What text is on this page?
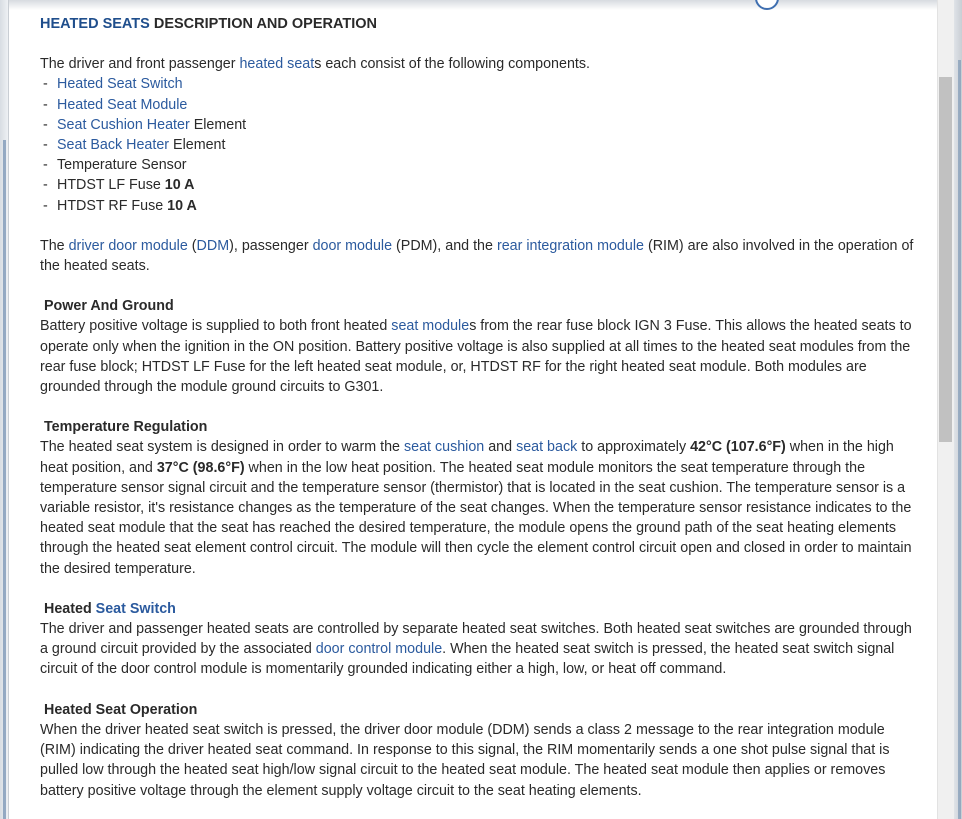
HEATED SEATS DESCRIPTION AND OPERATION

The driver and front passenger heated seats each consist of the following components.

- Heated Seat Switch
- Heated Seat Module
- Seat Cushion Heater Element
- Seat Back Heater Element
- Temperature Sensor
- HTDST LF Fuse 10 A
- HTDST RF Fuse 10 A

The driver door module (DDM), passenger door module (PDM), and the rear integration module (RIM) are also involved in the operation of the heated seats.

Power And Ground

Battery positive voltage is supplied to both front heated seat modules from the rear fuse block IGN 3 Fuse. This allows the heated seats to operate only when the ignition in the ON position. Battery positive voltage is also supplied at all times to the heated seat modules from the rear fuse block; HTDST LF Fuse for the left heated seat module, or, HTDST RF for the right heated seat module. Both modules are grounded through the module ground circuits to G301.

Temperature Regulation

The heated seat system is designed in order to warm the seat cushion and seat back to approximately 42°C (107.6°F) when in the high heat position, and 37°C (98.6°F) when in the low heat position. The heated seat module monitors the seat temperature through the temperature sensor signal circuit and the temperature sensor (thermistor) that is located in the seat cushion. The temperature sensor is a variable resistor, it's resistance changes as the temperature of the seat changes. When the temperature sensor resistance indicates to the heated seat module that the seat has reached the desired temperature, the module opens the ground path of the seat heating elements through the heated seat element control circuit. The module will then cycle the element control circuit open and closed in order to maintain the desired temperature.

Heated Seat Switch

The driver and passenger heated seats are controlled by separate heated seat switches. Both heated seat switches are grounded through a ground circuit provided by the associated door control module. When the heated seat switch is pressed, the heated seat switch signal circuit of the door control module is momentarily grounded indicating either a high, low, or heat off command.

Heated Seat Operation

When the driver heated seat switch is pressed, the driver door module (DDM) sends a class 2 message to the rear integration module (RIM) indicating the driver heated seat command. In response to this signal, the RIM momentarily sends a one shot pulse signal that is pulled low through the heated seat high/low signal circuit to the heated seat module. The heated seat module then applies or removes battery positive voltage through the element supply voltage circuit to the seat heating elements.
